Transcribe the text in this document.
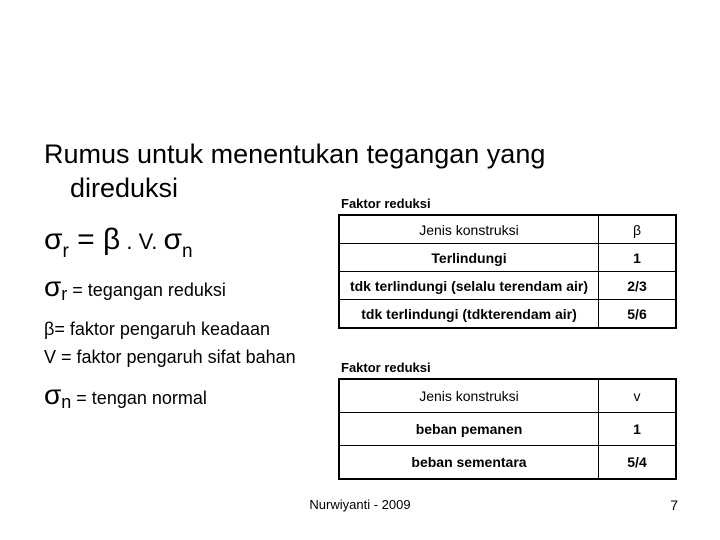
Rumus untuk menentukan tegangan yang
direduksi
$\sigma_r = \beta$ . V. $\sigma_n$
σr = tegangan reduksi
β= faktor pengaruh keadaan
V = faktor pengaruh sifat bahan
σn = tengan normal
Faktor reduksi
Jenis konstruksi	β
Terlindungi	1
tdk terlindungi (selalu terendam air)	2/3
tdk terlindungi (tdkterendam air)	5/6
Faktor reduksi
Jenis konstruksi	v
beban pemanen	1
beban sementara	5/4
Nurwiyanti - 2009	7
